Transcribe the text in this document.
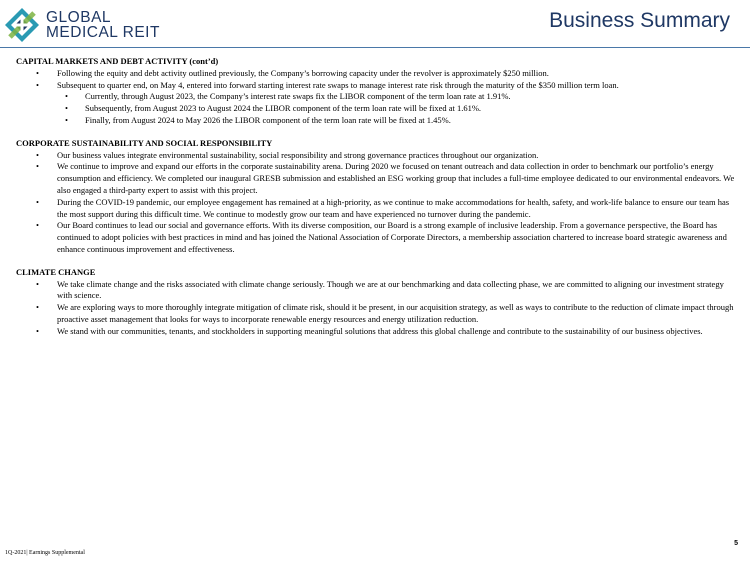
GLOBAL
MEDICAL REIT
Business Summary

CAPITAL MARKETS AND DEBT ACTIVITY (cont’d)

• Following the equity and debt activity outlined previously, the Company’s borrowing capacity under the revolver is approximately $250 million.
• Subsequent to quarter end, on May 4, entered into forward starting interest rate swaps to manage interest rate risk through the maturity of the $350 million term loan.
• Currently, through August 2023, the Company’s interest rate swaps fix the LIBOR component of the term loan rate at 1.91%.
• Subsequently, from August 2023 to August 2024 the LIBOR component of the term loan rate will be fixed at 1.61%.
• Finally, from August 2024 to May 2026 the LIBOR component of the term loan rate will be fixed at 1.45%.

CORPORATE SUSTAINABILITY AND SOCIAL RESPONSIBILITY

• Our business values integrate environmental sustainability, social responsibility and strong governance practices throughout our organization.
• We continue to improve and expand our efforts in the corporate sustainability arena. During 2020 we focused on tenant outreach and data collection in order to benchmark our portfolio’s energy consumption and efficiency. We completed our inaugural GRESB submission and established an ESG working group that includes a full-time employee dedicated to our environmental endeavors. We also engaged a third-party expert to assist with this project.
• During the COVID-19 pandemic, our employee engagement has remained at a high-priority, as we continue to make accommodations for health, safety, and work-life balance to ensure our team has the most support during this difficult time. We continue to modestly grow our team and have experienced no turnover during the pandemic.
• Our Board continues to lead our social and governance efforts. With its diverse composition, our Board is a strong example of inclusive leadership. From a governance perspective, the Board has continued to adopt policies with best practices in mind and has joined the National Association of Corporate Directors, a membership association chartered to increase board strategic awareness and enhance continuous improvement and effectiveness.

CLIMATE CHANGE

• We take climate change and the risks associated with climate change seriously. Though we are at our benchmarking and data collecting phase, we are committed to aligning our investment strategy with science.
• We are exploring ways to more thoroughly integrate mitigation of climate risk, should it be present, in our acquisition strategy, as well as ways to contribute to the reduction of climate impact through proactive asset management that looks for ways to incorporate renewable energy resources and energy utilization reduction.
• We stand with our communities, tenants, and stockholders in supporting meaningful solutions that address this global challenge and contribute to the sustainability of our business objectives.
1Q-2021| Earnings Supplemental
5
